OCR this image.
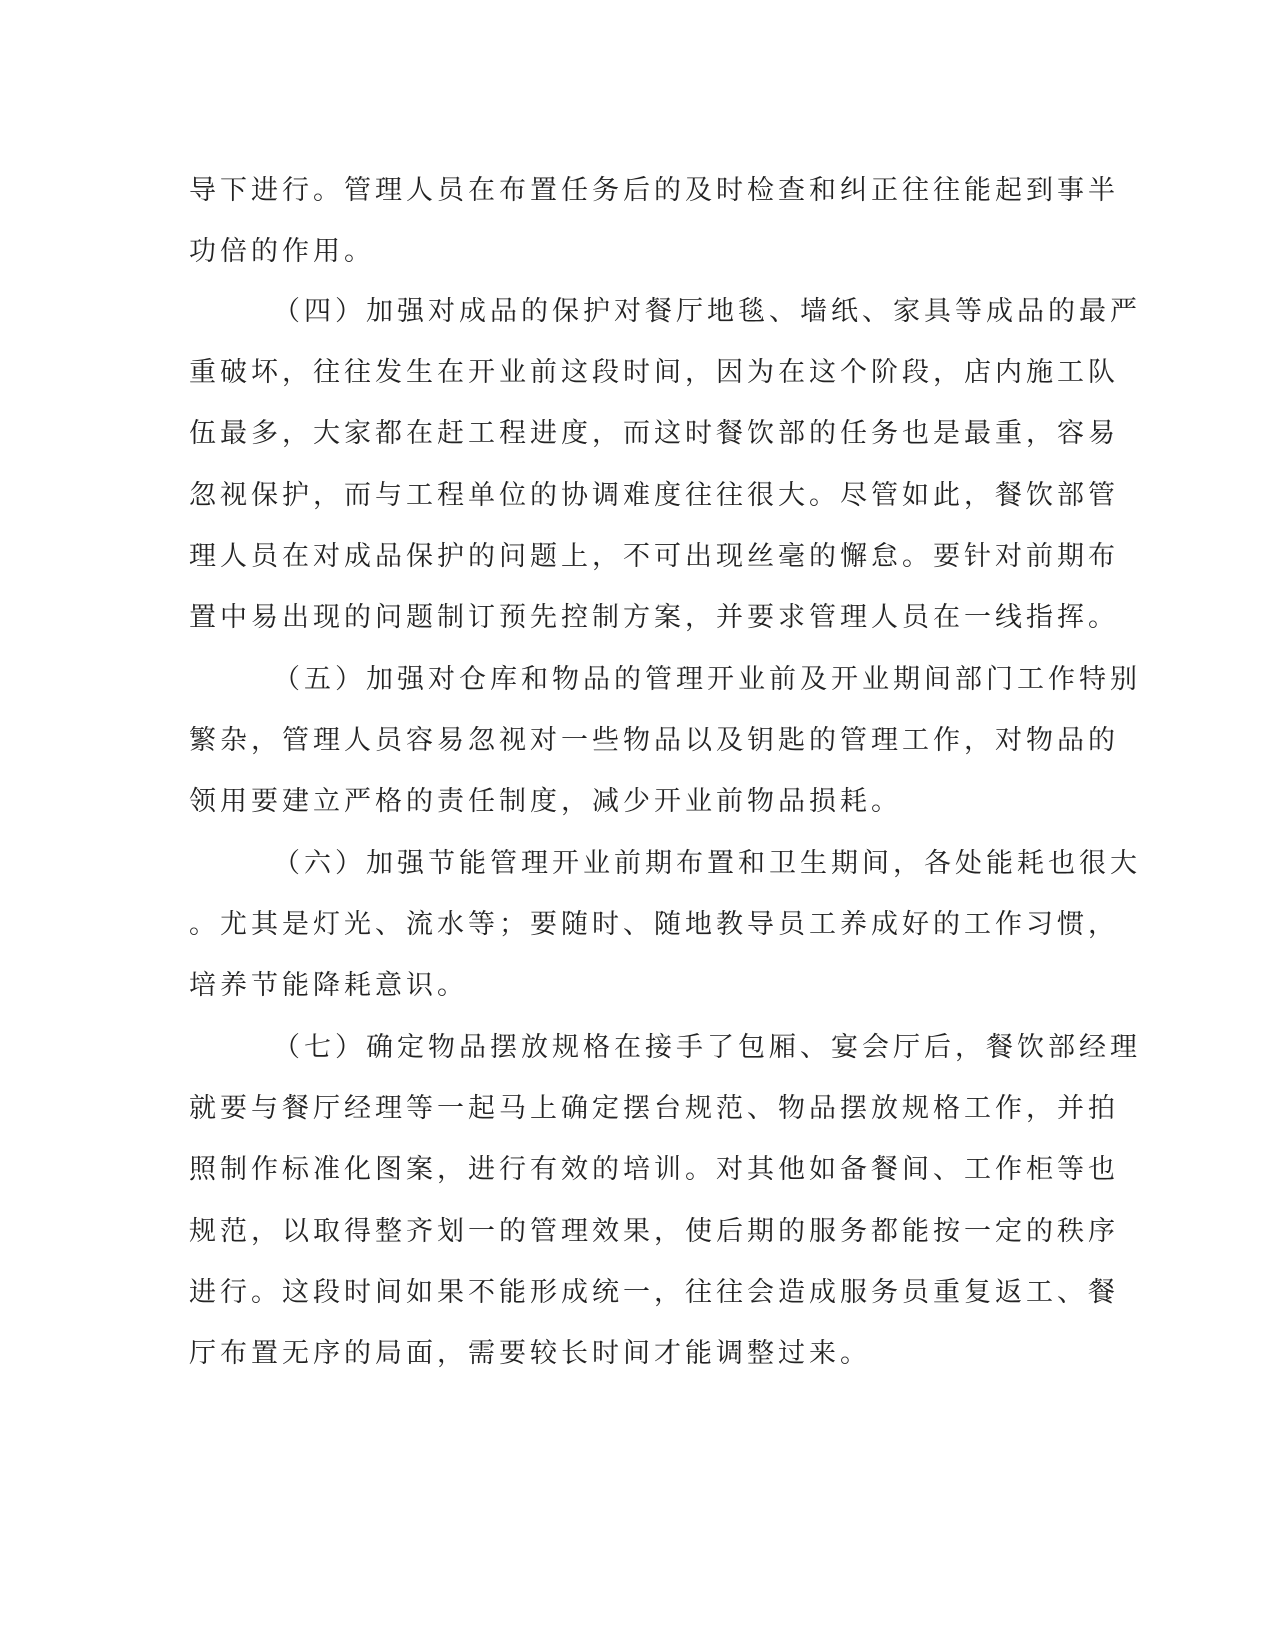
导下进行。管理人员在布置任务后的及时检查和纠正往往能起到事半
功倍的作用。
（四）加强对成品的保护对餐厅地毯、墙纸、家具等成品的最严
重破坏，往往发生在开业前这段时间，因为在这个阶段，店内施工队
伍最多，大家都在赶工程进度，而这时餐饮部的任务也是最重，容易
忽视保护，而与工程单位的协调难度往往很大。尽管如此，餐饮部管
理人员在对成品保护的问题上，不可出现丝毫的懈怠。要针对前期布
置中易出现的问题制订预先控制方案，并要求管理人员在一线指挥。
（五）加强对仓库和物品的管理开业前及开业期间部门工作特别
繁杂，管理人员容易忽视对一些物品以及钥匙的管理工作，对物品的
领用要建立严格的责任制度，减少开业前物品损耗。
（六）加强节能管理开业前期布置和卫生期间，各处能耗也很大
。尤其是灯光、流水等；要随时、随地教导员工养成好的工作习惯，
培养节能降耗意识。
（七）确定物品摆放规格在接手了包厢、宴会厅后，餐饮部经理
就要与餐厅经理等一起马上确定摆台规范、物品摆放规格工作，并拍
照制作标准化图案，进行有效的培训。对其他如备餐间、工作柜等也
规范，以取得整齐划一的管理效果，使后期的服务都能按一定的秩序
进行。这段时间如果不能形成统一，往往会造成服务员重复返工、餐
厅布置无序的局面，需要较长时间才能调整过来。
